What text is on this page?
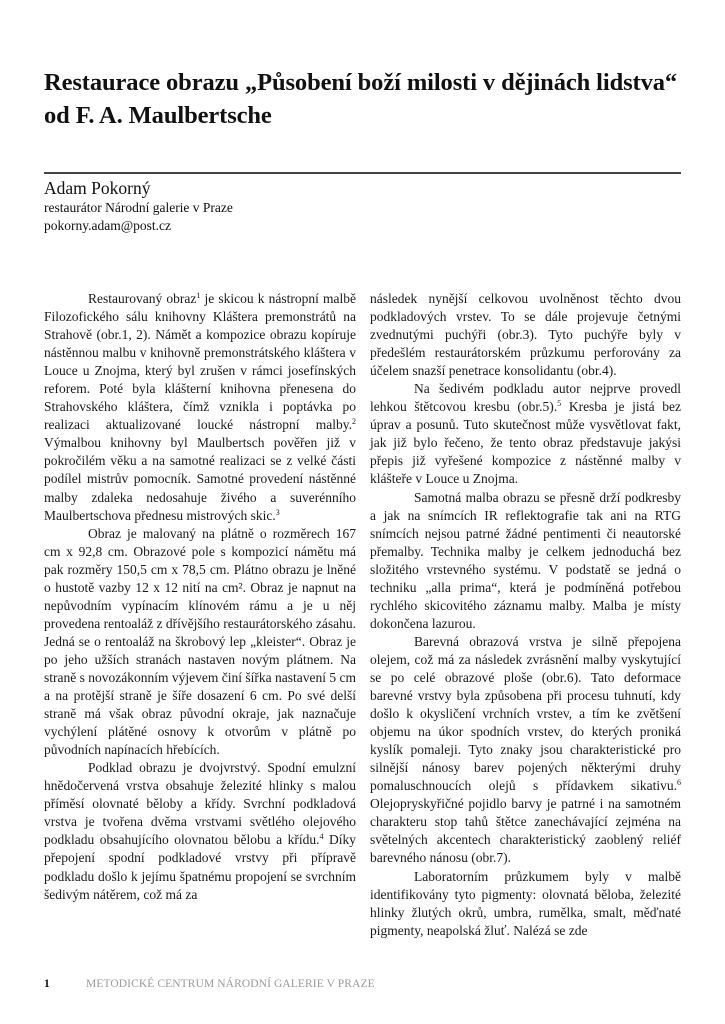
Restaurace obrazu „Působení boží milosti v dějinách lidstva“ od F. A. Maulbertsche
Adam Pokorný
restaurátor Národní galerie v Praze
pokorny.adam@post.cz

Restaurovaný obraz$^1$ je skicou k nástropní malbě Filozofického sálu knihovny Kláštera premonstrátů na Strahově (obr.1, 2). Námět a kompozice obrazu kopíruje nástěnnou malbu v knihovně premonstrátského kláštera v Louce u Znojma, který byl zrušen v rámci josefínských reforem. Poté byla klášterní knihovna přenesena do Strahovského kláštera, čímž vznikla i poptávka po realizaci aktualizované loucké nástropní malby.$^2$ Výmalbou knihovny byl Maulbertsch pověřen již v pokročilém věku a na samotné realizaci se z velké části podílel mistrův pomocník. Samotné provedení nástěnné malby zdaleka nedosahuje živého a suverénního Maulbertschova přednesu mistrových skic.$^3$

Obraz je malovaný na plátně o rozměrech 167 cm x 92,8 cm. Obrazové pole s kompozicí námětu má pak rozměry 150,5 cm x 78,5 cm. Plátno obrazu je lněné o hustotě vazby 12 x 12 nití na cm². Obraz je napnut na nepůvodním vypínacím klínovém rámu a je u něj provedena rentoaláž z dřívějšího restaurátorského zásahu. Jedná se o rentoaláž na škrobový lep „kleister“. Obraz je po jeho užších stranách nastaven novým plátnem. Na straně s novozákonním výjevem činí šířka nastavení 5 cm a na protější straně je šíře dosazení 6 cm. Po své delší straně má však obraz původní okraje, jak naznačuje vychýlení plátěné osnovy k otvorům v plátně po původních napínacích hřebících.

Podklad obrazu je dvojvrstvý. Spodní emulzní hnědočervená vrstva obsahuje železité hlinky s malou příměsí olovnaté běloby a křídy. Svrchní podkladová vrstva je tvořena dvěma vrstvami světlého olejového podkladu obsahujícího olovnatou bělobu a křídu.$^4$ Díky přepojení spodní podkladové vrstvy při přípravě podkladu došlo k jejímu špatnému propojení se svrchním šedivým nátěrem, což má za

následek nynější celkovou uvolněnost těchto dvou podkladových vrstev. To se dále projevuje četnými zvednutými puchýři (obr.3). Tyto puchýře byly v předešlém restaurátorském průzkumu perforovány za účelem snazší penetrace konsolidantu (obr.4).

Na šedivém podkladu autor nejprve provedl lehkou štětcovou kresbu (obr.5).$^5$ Kresba je jistá bez úprav a posunů. Tuto skutečnost může vysvětlovat fakt, jak již bylo řečeno, že tento obraz představuje jakýsi přepis již vyřešené kompozice z nástěnné malby v klášteře v Louce u Znojma.

Samotná malba obrazu se přesně drží podkresby a jak na snímcích IR reflektografie tak ani na RTG snímcích nejsou patrné žádné pentimenti či neautorské přemalby. Technika malby je celkem jednoduchá bez složitého vrstevného systému. V podstatě se jedná o techniku „alla prima“, která je podmíněná potřebou rychlého skicovitého záznamu malby. Malba je místy dokončena lazurou.

Barevná obrazová vrstva je silně přepojena olejem, což má za následek zvrásnění malby vyskytující se po celé obrazové ploše (obr.6). Tato deformace barevné vrstvy byla způsobena při procesu tuhnutí, kdy došlo k okysličení vrchních vrstev, a tím ke zvětšení objemu na úkor spodních vrstev, do kterých proniká kyslík pomaleji. Tyto znaky jsou charakteristické pro silnější nánosy barev pojených některými druhy pomaluschnoucích olejů s přídavkem sikativu.$^6$ Olejopryskyřičné pojidlo barvy je patrné i na samotném charakteru stop tahů štětce zanechávající zejména na světelných akcentech charakteristický zaoblený reliéf barevného nánosu (obr.7).

Laboratorním průzkumem byly v malbě identifikovány tyto pigmenty: olovnatá běloba, železité hlinky žlutých okrů, umbra, rumělka, smalt, měďnaté pigmenty, neapolská žluť. Nalézá se zde

1	METODICKÉ CENTRUM NÁRODNÍ GALERIE V PRAZE
